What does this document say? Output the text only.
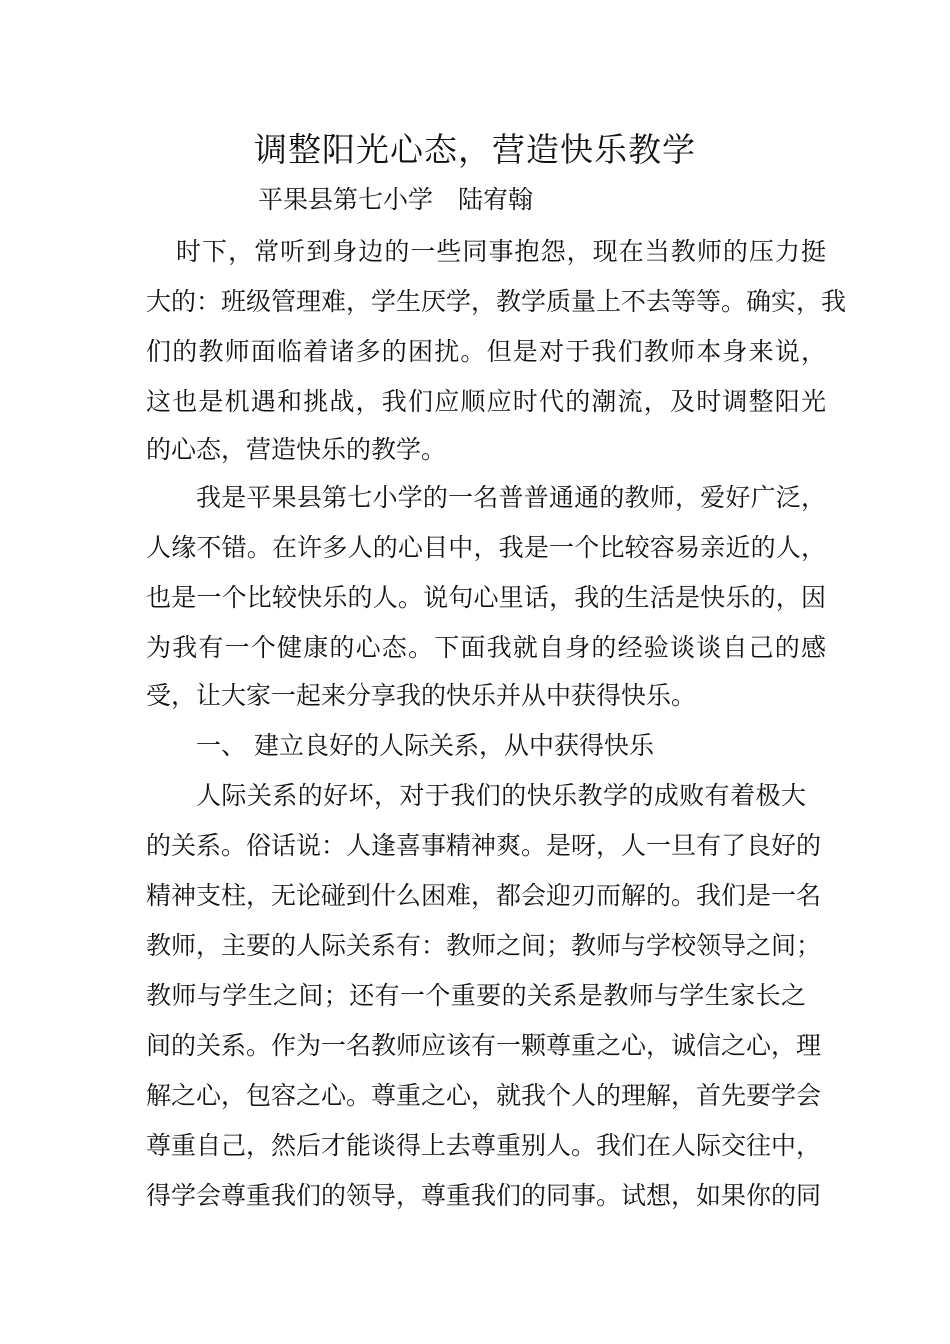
调整阳光心态，营造快乐教学

平果县第七小学　陆宥翰

时下，常听到身边的一些同事抱怨，现在当教师的压力挺

大的：班级管理难，学生厌学，教学质量上不去等等。确实，我

们的教师面临着诸多的困扰。但是对于我们教师本身来说，

这也是机遇和挑战，我们应顺应时代的潮流，及时调整阳光

的心态，营造快乐的教学。

我是平果县第七小学的一名普普通通的教师，爱好广泛，

人缘不错。在许多人的心目中，我是一个比较容易亲近的人，

也是一个比较快乐的人。说句心里话，我的生活是快乐的，因

为我有一个健康的心态。下面我就自身的经验谈谈自己的感

受，让大家一起来分享我的快乐并从中获得快乐。

一、 建立良好的人际关系，从中获得快乐

人际关系的好坏，对于我们的快乐教学的成败有着极大

的关系。俗话说：人逢喜事精神爽。是呀，人一旦有了良好的

精神支柱，无论碰到什么困难，都会迎刃而解的。我们是一名

教师，主要的人际关系有：教师之间；教师与学校领导之间；

教师与学生之间；还有一个重要的关系是教师与学生家长之

间的关系。作为一名教师应该有一颗尊重之心，诚信之心，理

解之心，包容之心。尊重之心，就我个人的理解，首先要学会

尊重自己，然后才能谈得上去尊重别人。我们在人际交往中，

得学会尊重我们的领导，尊重我们的同事。试想，如果你的同
